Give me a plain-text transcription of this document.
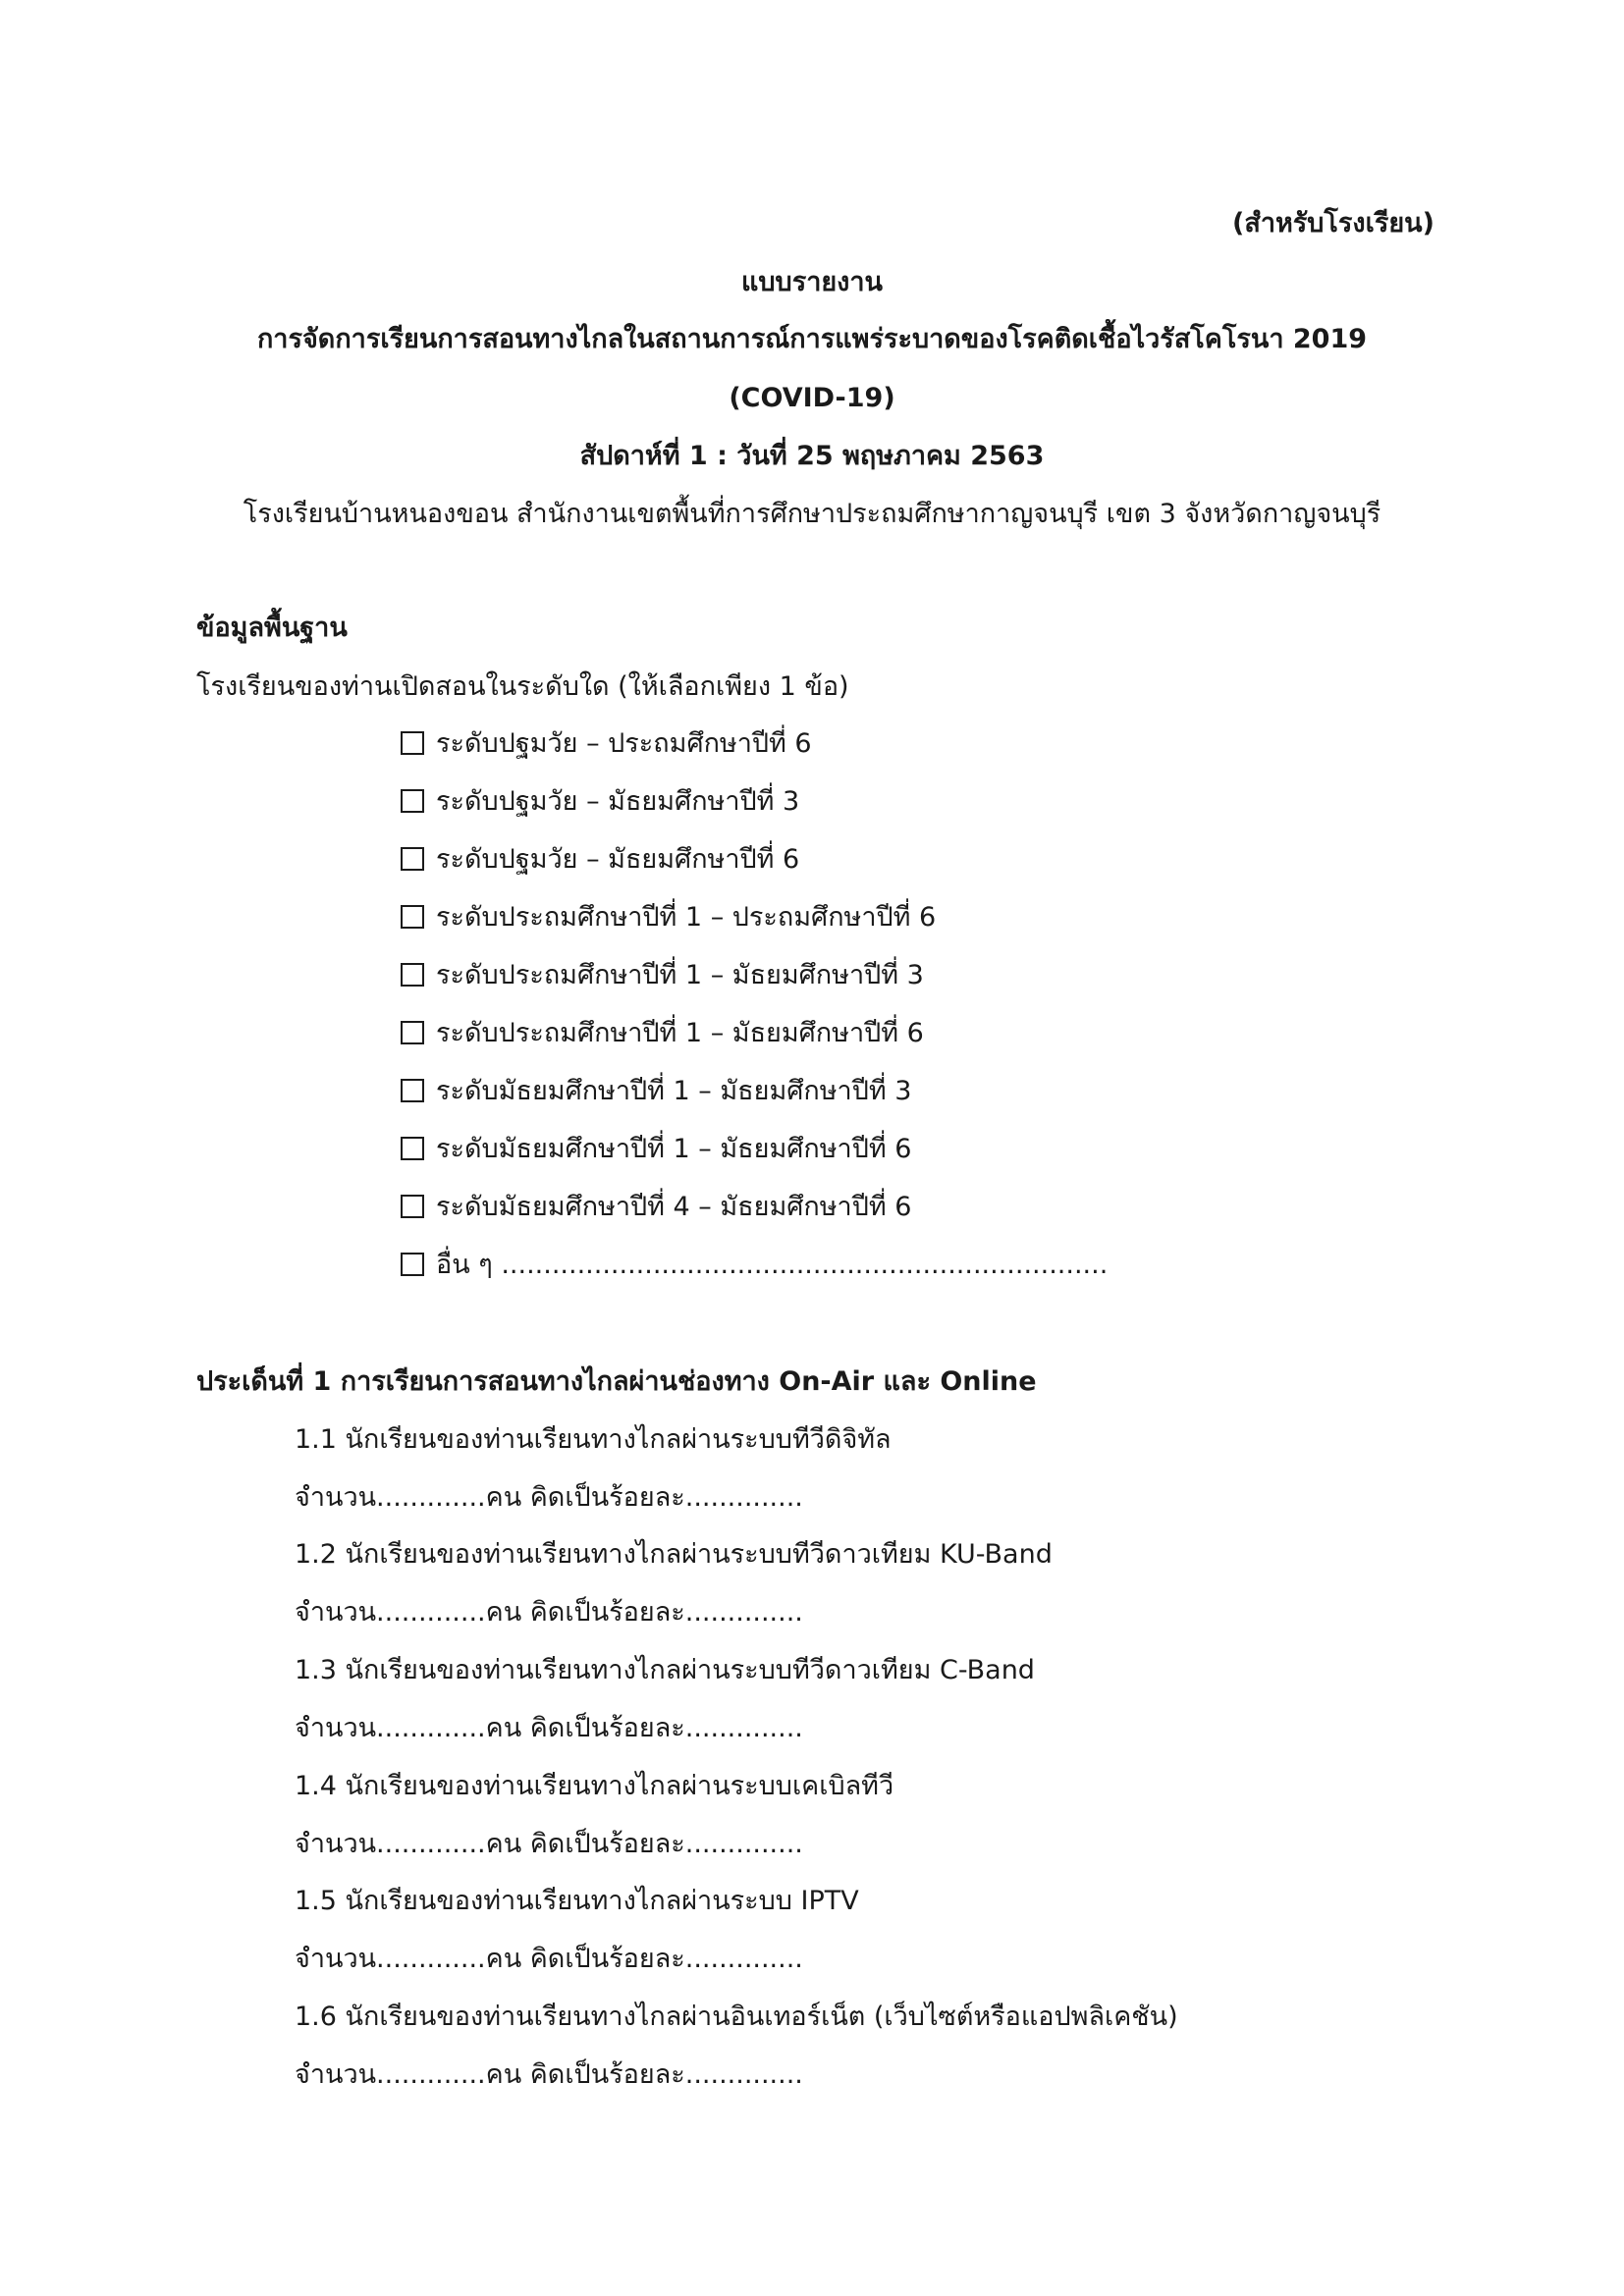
(สำหรับโรงเรียน)
แบบรายงาน
การจัดการเรียนการสอนทางไกลในสถานการณ์การแพร่ระบาดของโรคติดเชื้อไวรัสโคโรนา 2019
(COVID-19)
สัปดาห์ที่ 1 : วันที่ 25 พฤษภาคม 2563
โรงเรียนบ้านหนองขอน สำนักงานเขตพื้นที่การศึกษาประถมศึกษากาญจนบุรี เขต 3 จังหวัดกาญจนบุรี
ข้อมูลพื้นฐาน
โรงเรียนของท่านเปิดสอนในระดับใด (ให้เลือกเพียง 1 ข้อ)
ระดับปฐมวัย – ประถมศึกษาปีที่ 6
ระดับปฐมวัย – มัธยมศึกษาปีที่ 3
ระดับปฐมวัย – มัธยมศึกษาปีที่ 6
ระดับประถมศึกษาปีที่ 1 – ประถมศึกษาปีที่ 6
ระดับประถมศึกษาปีที่ 1 – มัธยมศึกษาปีที่ 3
ระดับประถมศึกษาปีที่ 1 – มัธยมศึกษาปีที่ 6
ระดับมัธยมศึกษาปีที่ 1 – มัธยมศึกษาปีที่ 3
ระดับมัธยมศึกษาปีที่ 1 – มัธยมศึกษาปีที่ 6
ระดับมัธยมศึกษาปีที่ 4 – มัธยมศึกษาปีที่ 6
อื่น ๆ ........................................................................
ประเด็นที่ 1 การเรียนการสอนทางไกลผ่านช่องทาง On-Air และ Online
1.1 นักเรียนของท่านเรียนทางไกลผ่านระบบทีวีดิจิทัล
จำนวน.............คน คิดเป็นร้อยละ..............
1.2 นักเรียนของท่านเรียนทางไกลผ่านระบบทีวีดาวเทียม KU-Band
จำนวน.............คน คิดเป็นร้อยละ..............
1.3 นักเรียนของท่านเรียนทางไกลผ่านระบบทีวีดาวเทียม C-Band
จำนวน.............คน คิดเป็นร้อยละ..............
1.4 นักเรียนของท่านเรียนทางไกลผ่านระบบเคเบิลทีวี
จำนวน.............คน คิดเป็นร้อยละ..............
1.5 นักเรียนของท่านเรียนทางไกลผ่านระบบ IPTV
จำนวน.............คน คิดเป็นร้อยละ..............
1.6 นักเรียนของท่านเรียนทางไกลผ่านอินเทอร์เน็ต (เว็บไซต์หรือแอปพลิเคชัน)
จำนวน.............คน คิดเป็นร้อยละ..............
